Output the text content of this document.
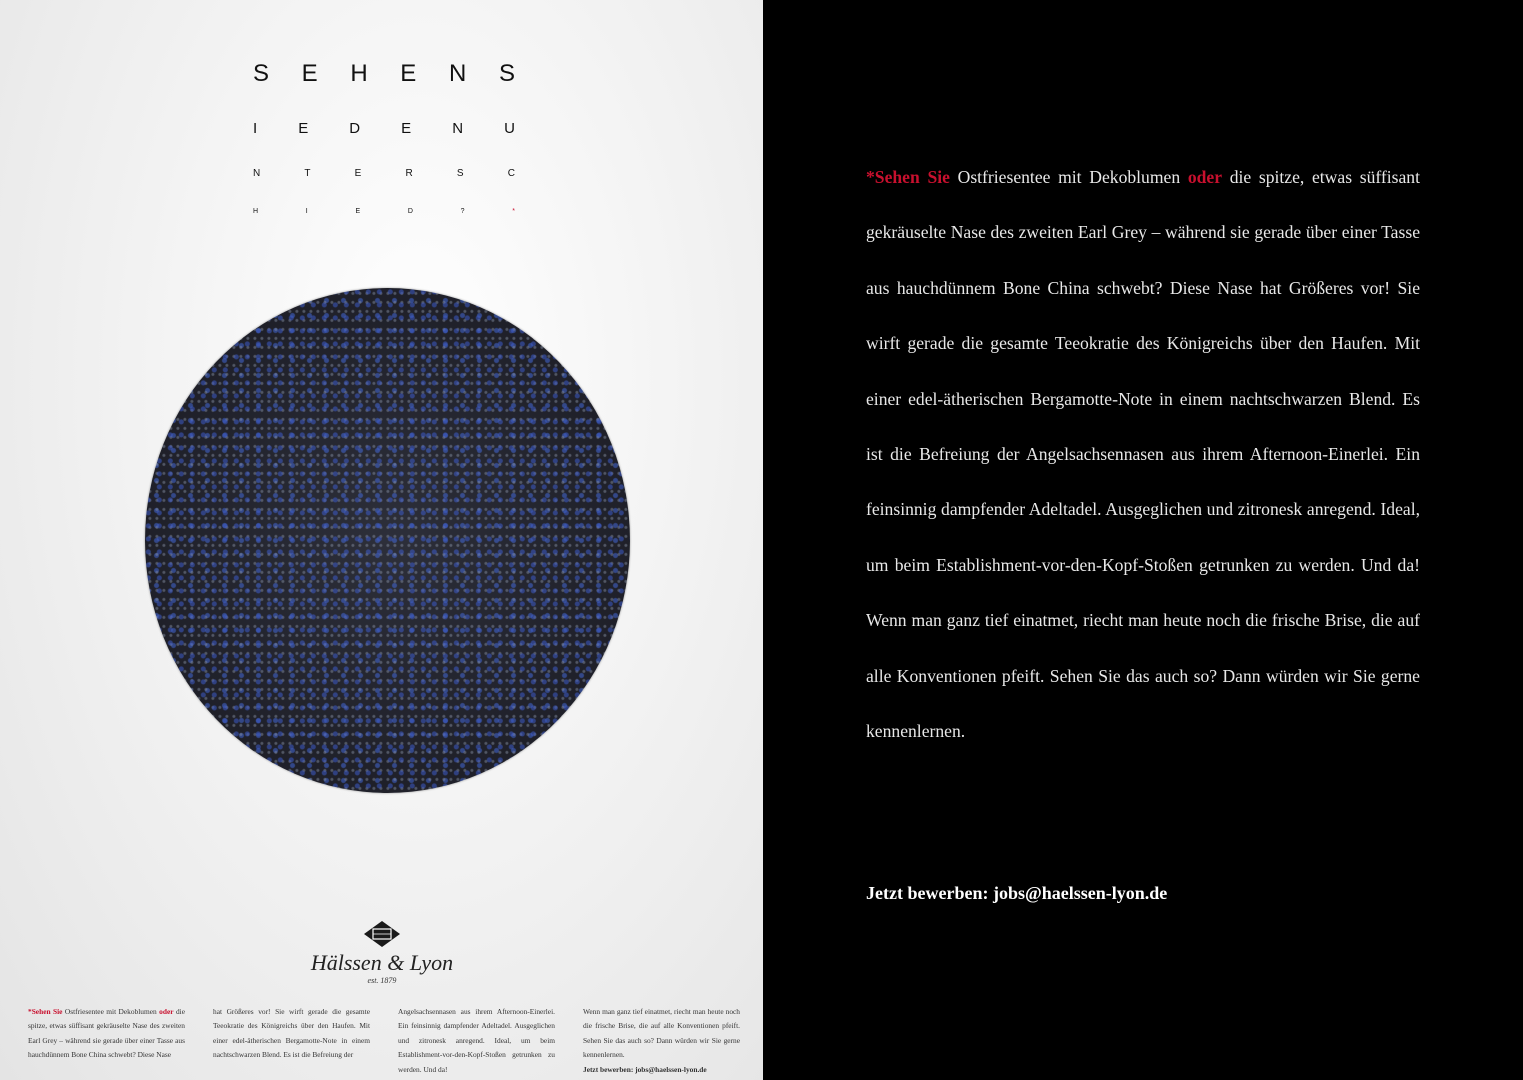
S E H E N S
I	E	D	E	N	U
N	T	E	R	S	C
H	I	E	D	?	*
Hälssen & Lyon
est. 1879
*Sehen Sie Ostfriesentee mit Dekoblumen oder die spitze, etwas süffisant gekräuselte Nase des zweiten Earl Grey – während sie gerade über einer Tasse aus hauchdünnem Bone China schwebt? Diese Nase
hat Größeres vor! Sie wirft gerade die gesamte Teeokratie des Königreichs über den Haufen. Mit einer edel-ätherischen Bergamotte-Note in einem nachtschwarzen Blend. Es ist die Befreiung der
Angelsachsennasen aus ihrem Afternoon-Einerlei. Ein feinsinnig dampfender Adeltadel. Ausgeglichen und zitronesk anregend. Ideal, um beim Establishment-vor-den-Kopf-Stoßen getrunken zu werden. Und da!
Wenn man ganz tief einatmet, riecht man heute noch die frische Brise, die auf alle Konventionen pfeift. Sehen Sie das auch so? Dann würden wir Sie gerne kennenlernen.
Jetzt bewerben: jobs@haelssen-lyon.de
*Sehen Sie Ostfriesentee mit Dekoblumen oder die spitze, etwas süffisant gekräuselte Nase des zweiten Earl Grey – während sie gerade über einer Tasse aus hauchdünnem Bone China schwebt? Diese Nase hat Größeres vor! Sie wirft gerade die gesamte Teeokratie des Königreichs über den Haufen. Mit einer edel-ätherischen Bergamotte-Note in einem nachtschwarzen Blend. Es ist die Befreiung der Angelsachsennasen aus ihrem Afternoon-Einerlei. Ein feinsinnig dampfender Adeltadel. Ausgeglichen und zitronesk anregend. Ideal, um beim Establishment-vor-den-Kopf-Stoßen getrunken zu werden. Und da! Wenn man ganz tief einatmet, riecht man heute noch die frische Brise, die auf alle Konventionen pfeift. Sehen Sie das auch so? Dann würden wir Sie gerne kennenlernen.
Jetzt bewerben: jobs@haelssen-lyon.de
